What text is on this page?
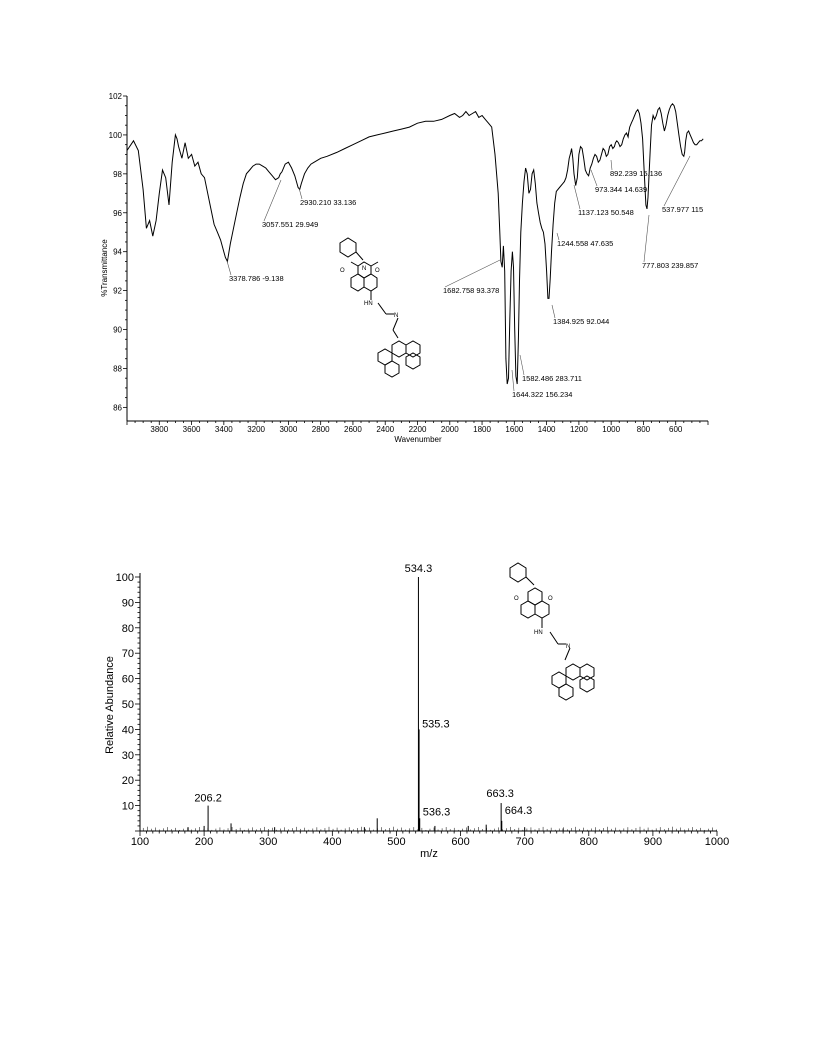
3800 3600 3400 3200 3000 2800 2600 2400 2200 2000 1800 1600 1400 1200 1000 800 600
86
88
90
92
94
96
98
100
102
3378.786 -9.138
3057.551 29.949
2930.210 33.136
1682.758 93.378
1644.322 156.234
1582.486 283.711
1384.925 92.044
1244.558 47.635
1137.123 50.548
973.344 14.639
892.239 15.136
777.803 239.857
537.977 115
Wavenumber
%Transmittance	O	O
N
HN
N
100	200	300	400	500	600	700	800	900	1000
10
20
30
40
50
60
70
80
90
100
534.3
535.3
536.3
206.2	663.3
664.3
m/z
Relative Abundance
O	O
HN
N
